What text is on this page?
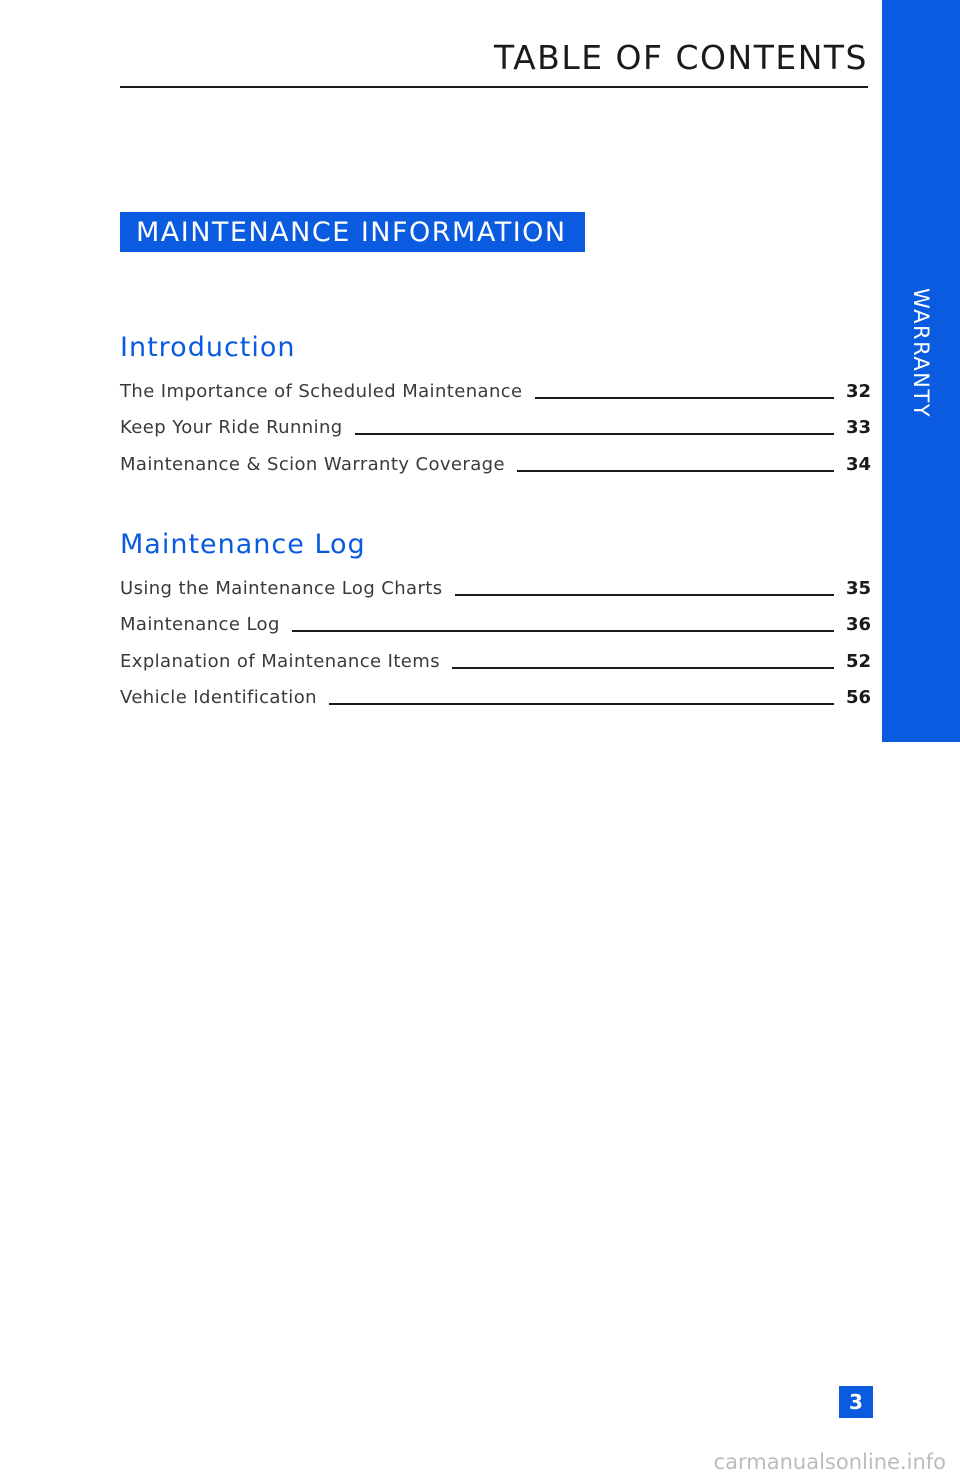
TABLE OF CONTENTS
WARRANTY
MAINTENANCE INFORMATION
Introduction
The Importance of Scheduled Maintenance	32
Keep Your Ride Running	33
Maintenance & Scion Warranty Coverage	34
Maintenance Log
Using the Maintenance Log Charts	35
Maintenance Log	36
Explanation of Maintenance Items	52
Vehicle Identification	56
3
carmanualsonline.info
